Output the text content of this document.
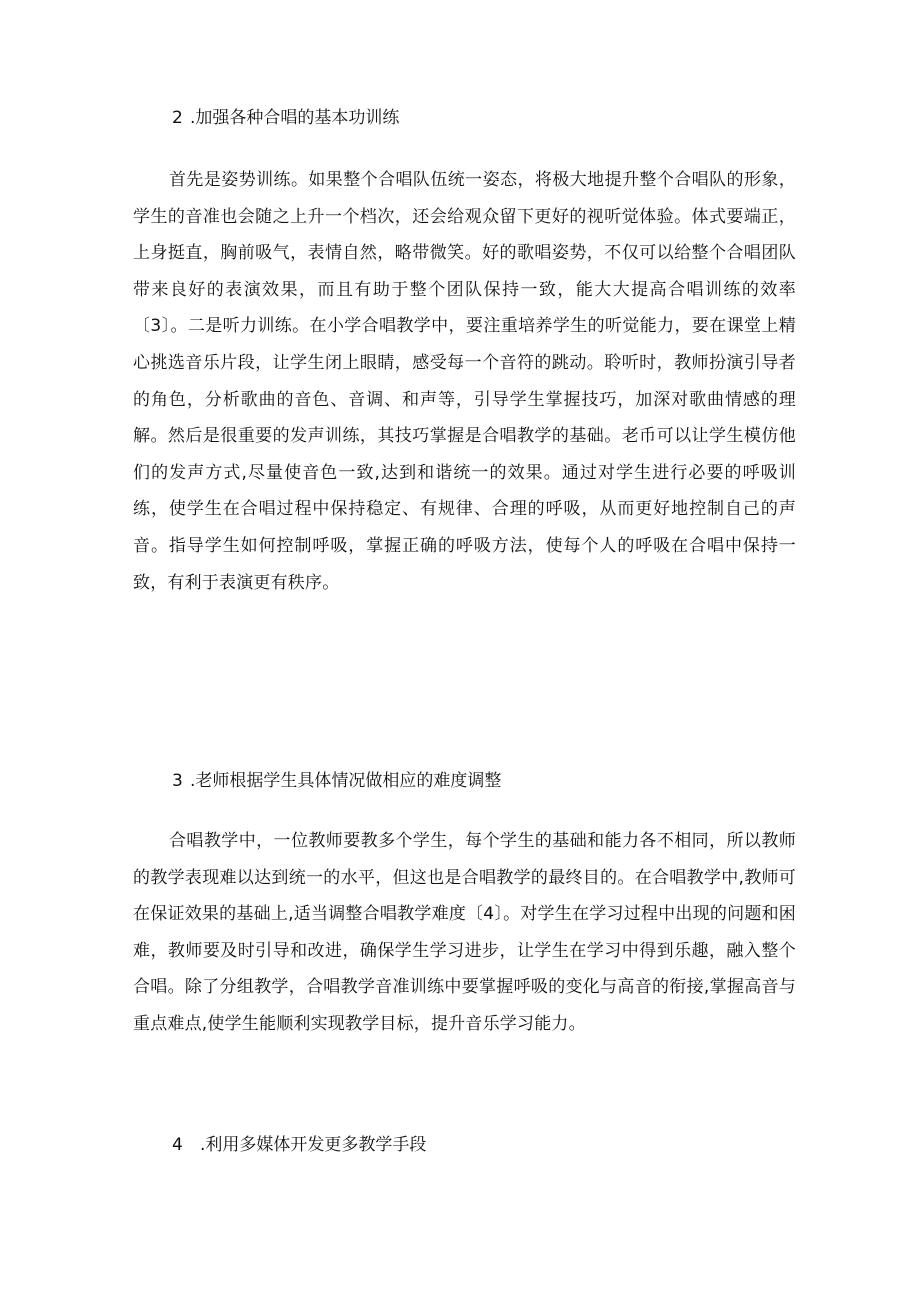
2 .加强各种合唱的基本功训练

首先是姿势训练。如果整个合唱队伍统一姿态，将极大地提升整个合唱队的形象，学生的音准也会随之上升一个档次，还会给观众留下更好的视听觉体验。体式要端正，上身挺直，胸前吸气，表情自然，略带微笑。好的歌唱姿势，不仅可以给整个合唱团队带来良好的表演效果，而且有助于整个团队保持一致，能大大提高合唱训练的效率〔3〕。二是听力训练。在小学合唱教学中，要注重培养学生的听觉能力，要在课堂上精心挑选音乐片段，让学生闭上眼睛，感受每一个音符的跳动。聆听时，教师扮演引导者的角色，分析歌曲的音色、音调、和声等，引导学生掌握技巧，加深对歌曲情感的理解。然后是很重要的发声训练，其技巧掌握是合唱教学的基础。老币可以让学生模仿他们的发声方式,尽量使音色一致,达到和谐统一的效果。通过对学生进行必要的呼吸训练，使学生在合唱过程中保持稳定、有规律、合理的呼吸，从而更好地控制自己的声音。指导学生如何控制呼吸，掌握正确的呼吸方法，使每个人的呼吸在合唱中保持一致，有利于表演更有秩序。

3 .老师根据学生具体情况做相应的难度调整

合唱教学中，一位教师要教多个学生，每个学生的基础和能力各不相同，所以教师的教学表现难以达到统一的水平，但这也是合唱教学的最终目的。在合唱教学中,教师可在保证效果的基础上,适当调整合唱教学难度〔4〕。对学生在学习过程中出现的问题和困难，教师要及时引导和改进，确保学生学习进步，让学生在学习中得到乐趣，融入整个合唱。除了分组教学，合唱教学音准训练中要掌握呼吸的变化与高音的衔接,掌握高音与重点难点,使学生能顺利实现教学目标，提升音乐学习能力。

4 .利用多媒体开发更多教学手段
